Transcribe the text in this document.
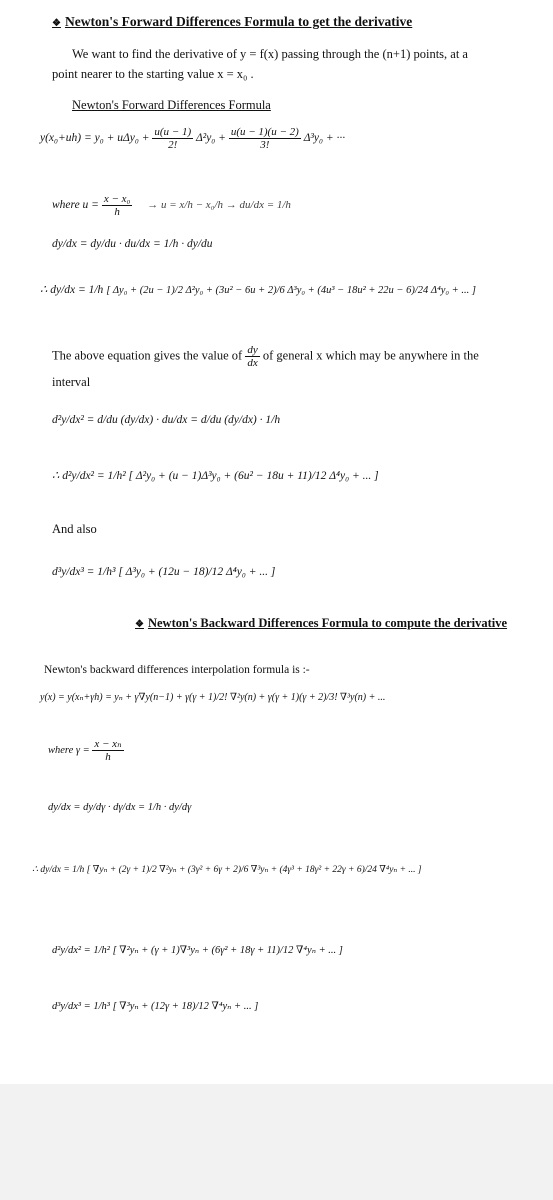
❖ Newton's Forward Differences Formula to get the derivative
We want to find the derivative of y = f(x) passing through the (n+1) points, at a
point nearer to the starting value x = x₀ .
Newton's Forward Differences Formula
$y(x_0+uh) = y_0 + u\Delta y_0 + \frac{u(u - 1)}{2!} \Delta^2y_0 + \frac{u(u - 1)(u - 2)}{3!} \Delta^3y_0$ + ···
where $u = \frac{\text{x − x₀}}{h} \to u = x/h - x_0/h \to du/dx = 1/h$
dy/dx = dy/du · du/dx = 1/h · dy/du
∴ dy/dx = 1/h [ Δy₀ + (2u − 1)/2 Δ²y₀ + (3u² − 6u + 2)/6 Δ³y₀ + (4u³ − 18u² + 22u − 6)/24 Δ⁴y₀ + ... ]
The above equation gives the value of $\frac{dy}{dx}$ of general x which may be anywhere in the
interval
d²y/dx² = d/du (dy/dx) · du/dx = d/du (dy/dx) · 1/h
∴ d²y/dx² = 1/h² [ Δ²y₀ + (u − 1)Δ³y₀ + (6u² − 18u + 11)/12 Δ⁴y₀ + ... ]
And also
d³y/dx³ = 1/h³ [ Δ³y₀ + (12u − 18)/12 Δ⁴y₀ + ... ]
❖ Newton's Backward Differences Formula to compute the derivative
Newton's backward differences interpolation formula is :-
y(x) = y(xₙ+γh) = yₙ + γ∇y(n−1) + γ(γ + 1)/2! ∇²y(n) + γ(γ + 1)(γ + 2)/3! ∇³y(n) + ...
where $\gamma = \frac{\text{x − xₙ}}{h}$
dy/dx = dy/dγ · dγ/dx = 1/h · dy/dγ
∴ dy/dx = 1/h [ ∇yₙ + (2γ + 1)/2 ∇²yₙ + (3γ² + 6γ + 2)/6 ∇³yₙ + (4γ³ + 18γ² + 22γ + 6)/24 ∇⁴yₙ + ... ]
d²y/dx² = 1/h² [ ∇²yₙ + (γ + 1)∇³yₙ + (6γ² + 18γ + 11)/12 ∇⁴yₙ + ... ]
d³y/dx³ = 1/h³ [ ∇³yₙ + (12γ + 18)/12 ∇⁴yₙ + ... ]
